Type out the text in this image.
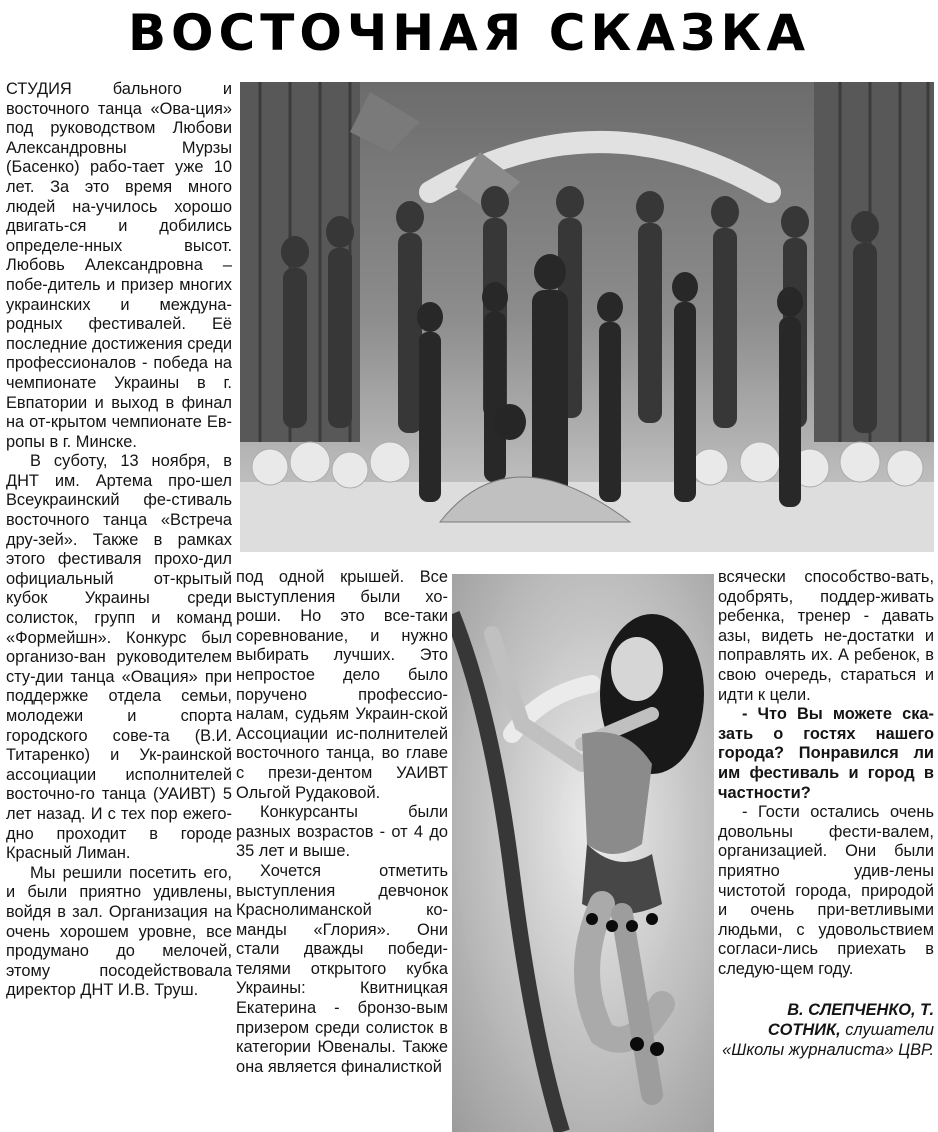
ВОСТОЧНАЯ СКАЗКА

СТУДИЯ бального и восточного танца «Ова-ция» под руководством Любови Александровны Мурзы (Басенко) рабо-тает уже 10 лет. За это время много людей на-училось хорошо двигать-ся и добились определе-нных высот. Любовь Александровна – побе-дитель и призер многих украинских и междуна-родных фестивалей. Её последние достижения среди профессионалов - победа на чемпионате Украины в г. Евпатории и выход в финал на от-крытом чемпионате Ев-ропы в г. Минске.

В суботу, 13 ноября, в ДНТ им. Артема про-шел Всеукраинский фе-стиваль восточного танца «Встреча дру-зей». Также в рамках этого фестиваля прохо-дил официальный от-крытый кубок Украины среди солисток, групп и команд «Формейшн». Конкурс был организо-ван руководителем сту-дии танца «Овация» при поддержке отдела семьи, молодежи и спорта городского сове-та (В.И. Титаренко) и Ук-раинской ассоциации исполнителей восточно-го танца (УАИВТ) 5 лет назад. И с тех пор ежего-дно проходит в городе Красный Лиман.

Мы решили посетить его, и были приятно удивлены, войдя в зал. Организация на очень хорошем уровне, все продумано до мелочей, этому посодействовала директор ДНТ И.В. Труш.

под одной крышей. Все выступления были хо-роши. Но это все-таки соревнование, и нужно выбирать лучших. Это непростое дело было поручено профессио-налам, судьям Украин-ской Ассоциации ис-полнителей восточного танца, во главе с прези-дентом УАИВТ Ольгой Рудаковой.

Конкурсанты были разных возрастов - от 4 до 35 лет и выше.

Хочется отметить выступления девчонок Краснолиманской ко-манды «Глория». Они стали дважды победи-телями открытого кубка Украины: Квитницкая Екатерина - бронзо-вым призером среди солисток в категории Ювеналы. Также она является финалисткой

всячески способство-вать, одобрять, поддер-живать ребенка, тренер - давать азы, видеть не-достатки и поправлять их. А ребенок, в свою очередь, стараться и идти к цели.

- Что Вы можете ска-зать о гостях нашего города? Понравился ли им фестиваль и город в частности?

- Гости остались очень довольны фести-валем, организацией. Они были приятно удив-лены чистотой города, природой и очень при-ветливыми людьми, с удовольствием согласи-лись приехать в следую-щем году.

В. СЛЕПЧЕНКО, Т. СОТНИК, слушатели «Школы журналиста» ЦВР.
